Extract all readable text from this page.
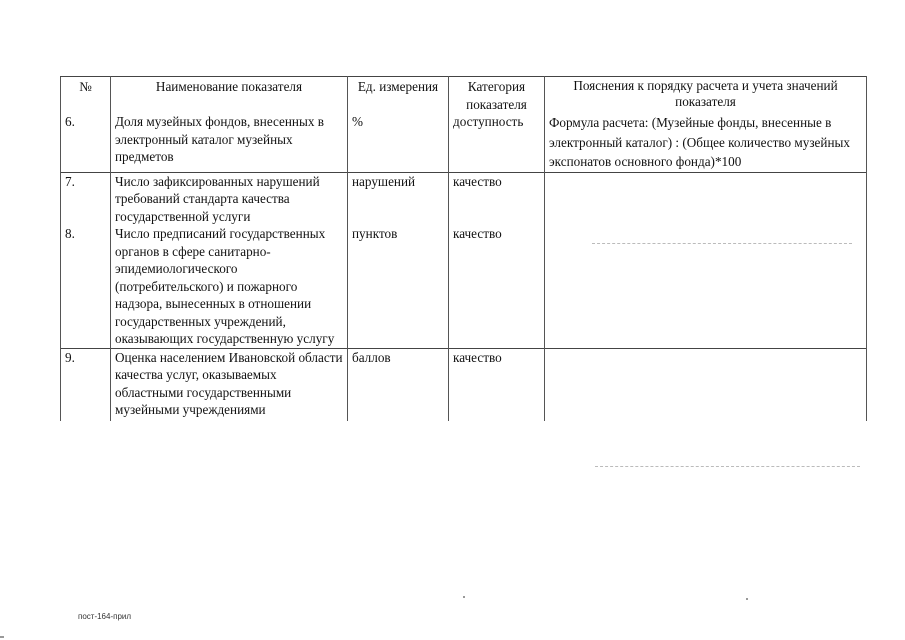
№	Наименование показателя	Ед. измерения	Категория показателя	Пояснения к порядку расчета и учета значений показателя
6.	Доля музейных фондов, внесенных в электронный каталог музейных предметов	%	доступность	Формула расчета: (Музейные фонды, внесенные в электронный каталог) : (Общее количество музейных экспонатов основного фонда)*100
7.	Число зафиксированных нарушений требований стандарта качества государственной услуги	нарушений	качество	
8.	Число предписаний государственных органов в сфере санитарно-эпидемиологического (потребительского) и пожарного надзора, вынесенных в отношении государственных учреждений, оказывающих государственную услугу	пунктов	качество	
9.	Оценка населением Ивановской области качества услуг, оказываемых областными государственными музейными учреждениями	баллов	качество	
пост-164-прил
